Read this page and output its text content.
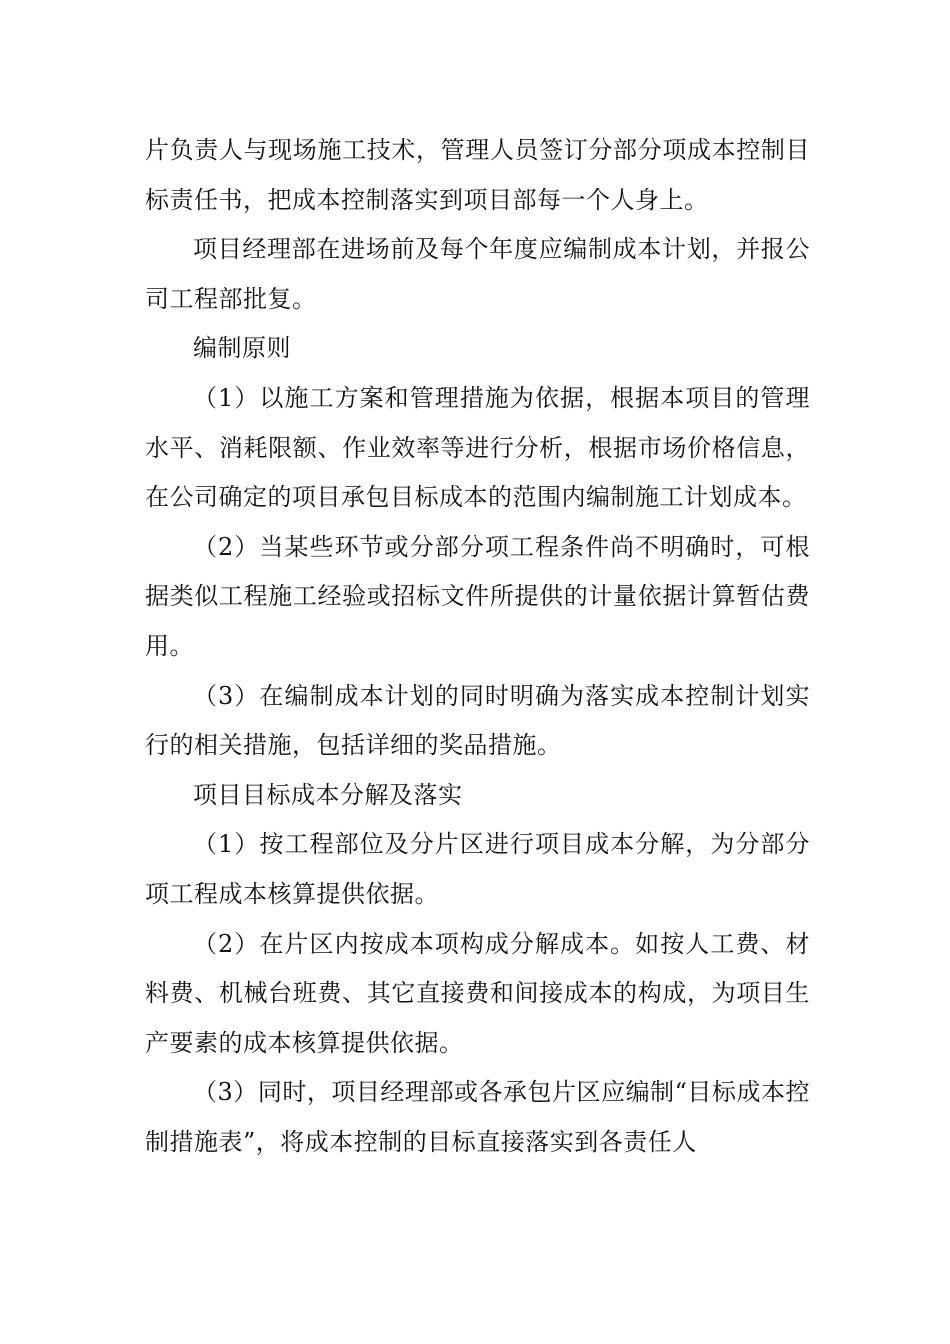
片负责人与现场施工技术，管理人员签订分部分项成本控制目标责任书，把成本控制落实到项目部每一个人身上。

项目经理部在进场前及每个年度应编制成本计划，并报公司工程部批复。

编制原则

（1）以施工方案和管理措施为依据，根据本项目的管理水平、消耗限额、作业效率等进行分析，根据市场价格信息，在公司确定的项目承包目标成本的范围内编制施工计划成本。

（2）当某些环节或分部分项工程条件尚不明确时，可根据类似工程施工经验或招标文件所提供的计量依据计算暂估费用。

（3）在编制成本计划的同时明确为落实成本控制计划实行的相关措施，包括详细的奖品措施。

项目目标成本分解及落实

（1）按工程部位及分片区进行项目成本分解，为分部分项工程成本核算提供依据。

（2）在片区内按成本项构成分解成本。如按人工费、材料费、机械台班费、其它直接费和间接成本的构成，为项目生产要素的成本核算提供依据。

（3）同时，项目经理部或各承包片区应编制“目标成本控制措施表”，将成本控制的目标直接落实到各责任人
